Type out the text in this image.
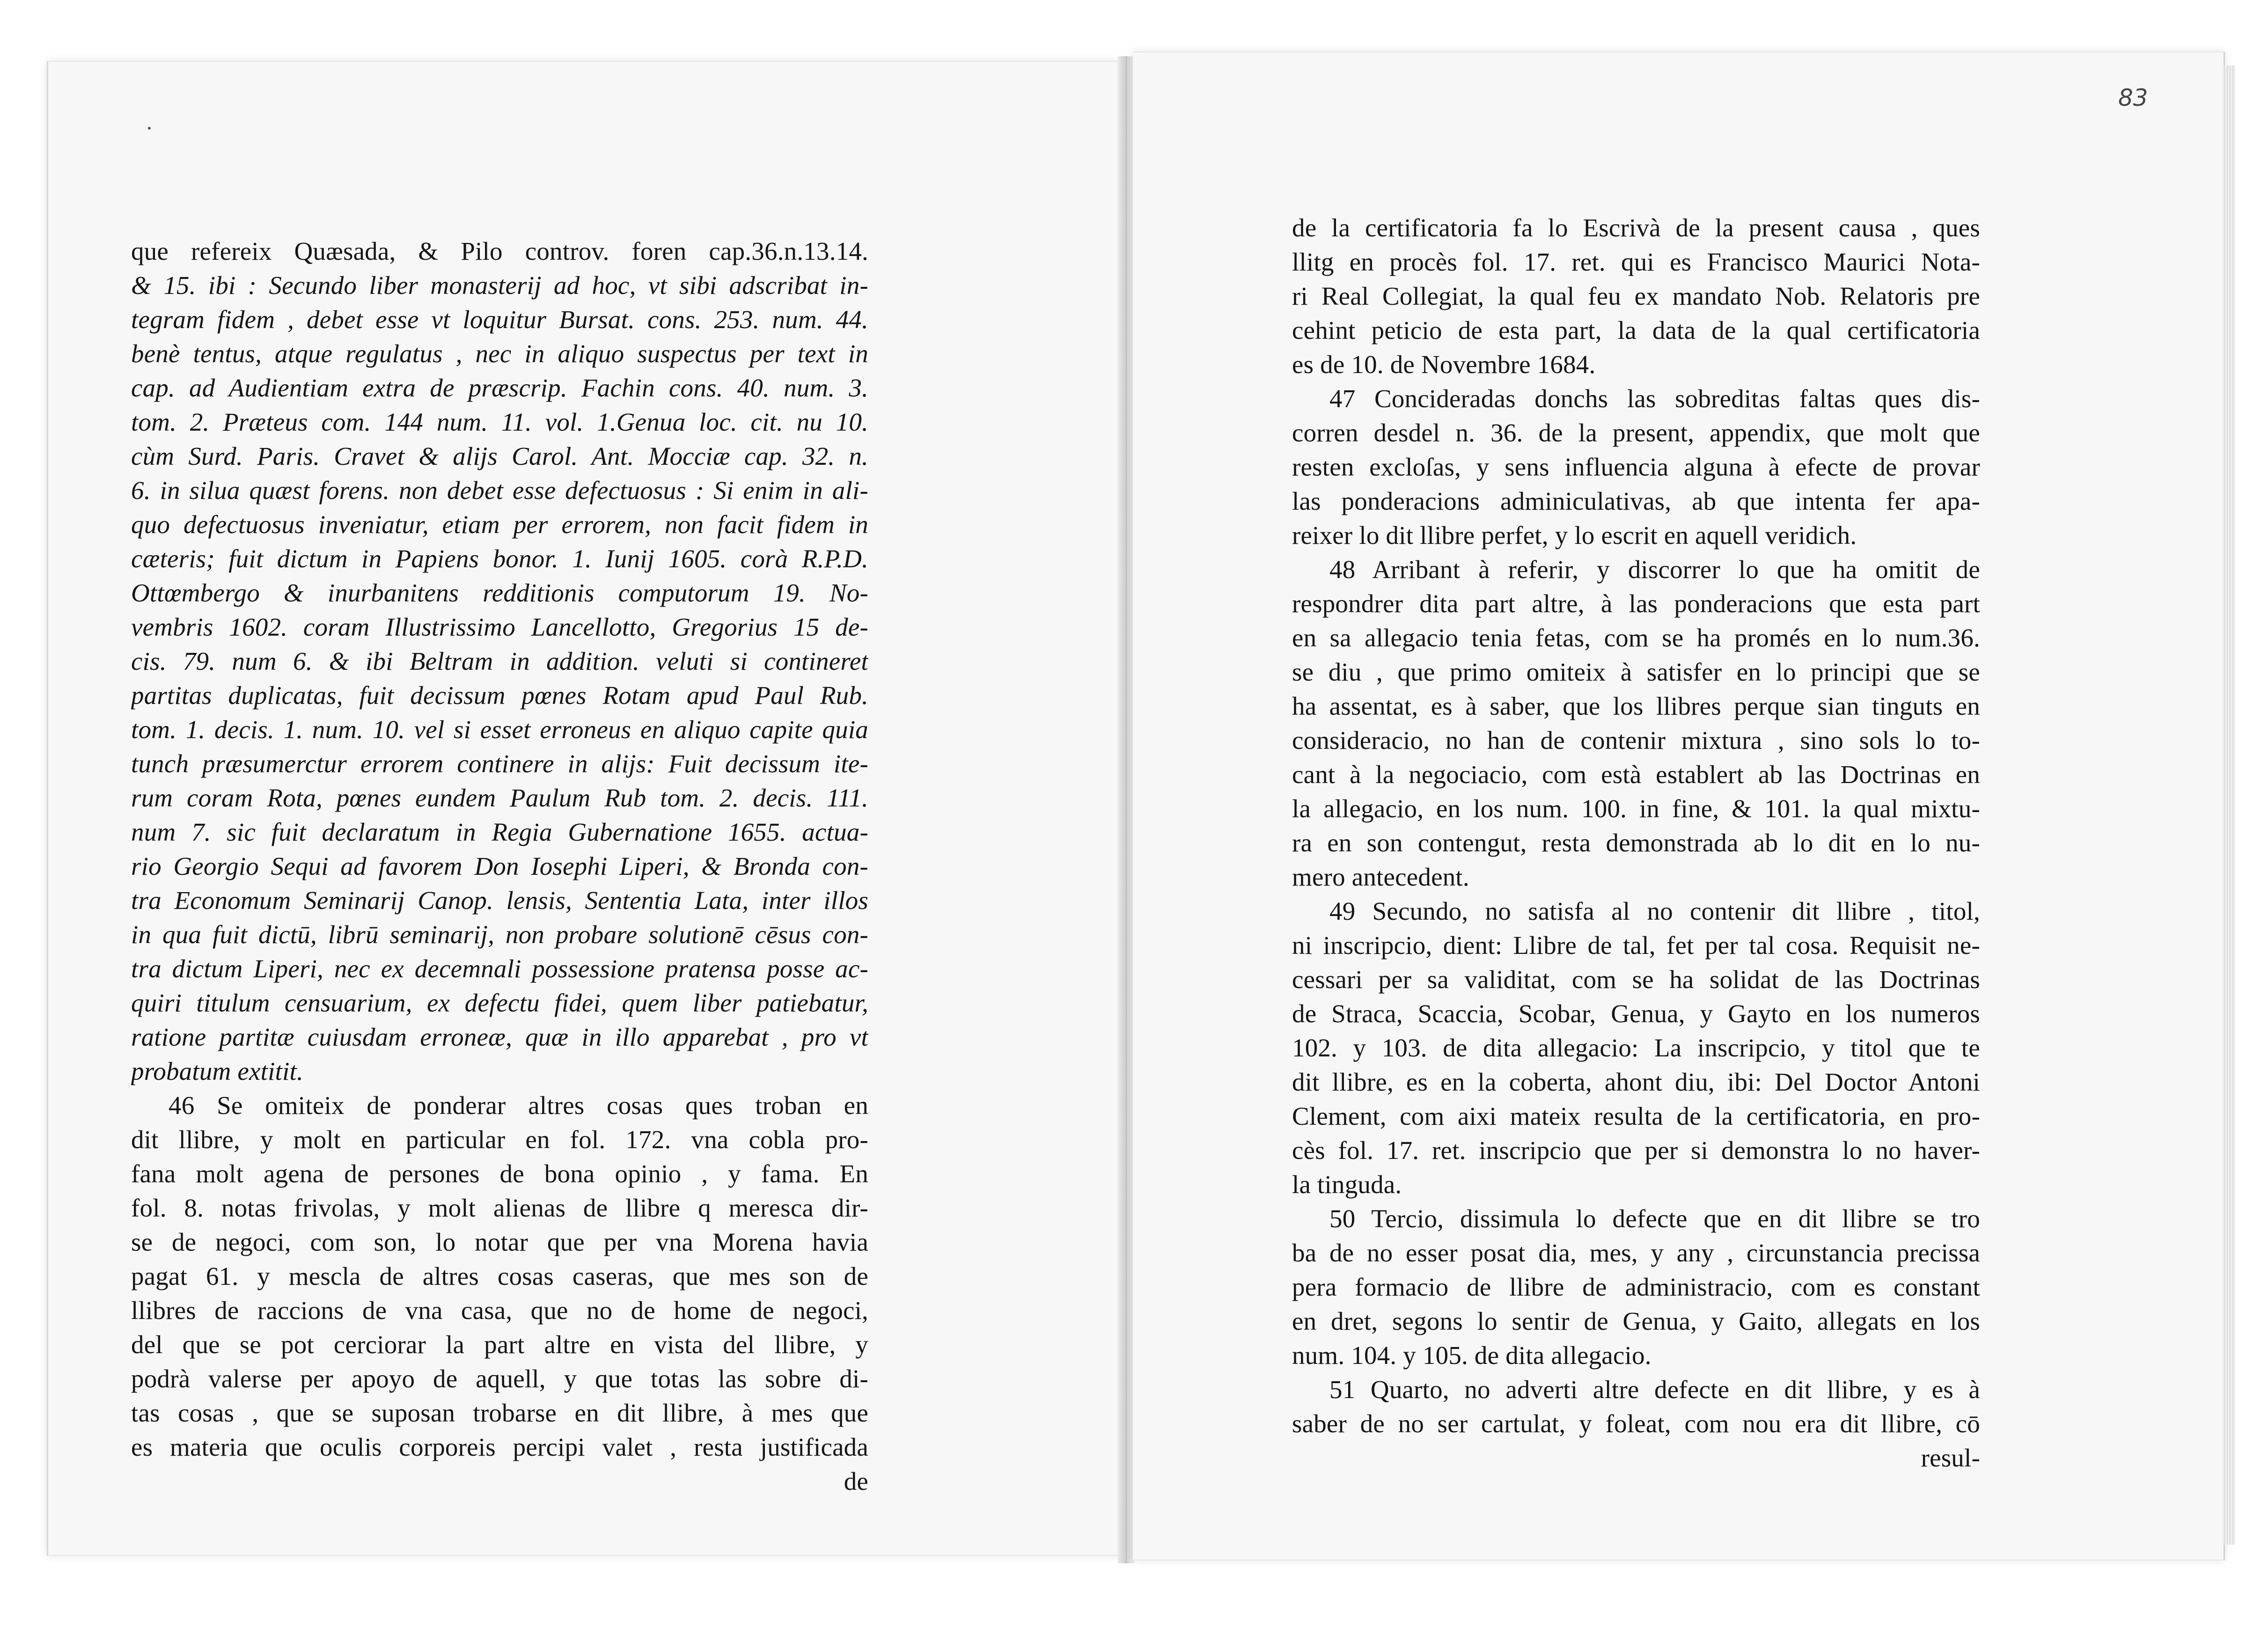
83
que refereix Quæsada, & Pilo controv. foren cap.36.n.13.14.
& 15. ibi : Secundo liber monasterij ad hoc, vt sibi adscribat in-
tegram fidem , debet esse vt loquitur Bursat. cons. 253. num. 44.
benè tentus, atque regulatus , nec in aliquo suspectus per text in
cap. ad Audientiam extra de præscrip. Fachin cons. 40. num. 3.
tom. 2. Præteus com. 144 num. 11. vol. 1.Genua loc. cit. nu 10.
cùm Surd. Paris. Cravet & alijs Carol. Ant. Mocciæ cap. 32. n.
6. in silua quæst forens. non debet esse defectuosus : Si enim in ali-
quo defectuosus inveniatur, etiam per errorem, non facit fidem in
cæteris; fuit dictum in Papiens bonor. 1. Iunij 1605. corà R.P.D.
Ottœmbergo & inurbanitens redditionis computorum 19. No-
vembris 1602. coram Illustrissimo Lancellotto, Gregorius 15 de-
cis. 79. num 6. & ibi Beltram in addition. veluti si contineret
partitas duplicatas, fuit decissum pœnes Rotam apud Paul Rub.
tom. 1. decis. 1. num. 10. vel si esset erroneus en aliquo capite quia
tunch præsumerctur errorem continere in alijs: Fuit decissum ite-
rum coram Rota, pœnes eundem Paulum Rub tom. 2. decis. 111.
num 7. sic fuit declaratum in Regia Gubernatione 1655. actua-
rio Georgio Sequi ad favorem Don Iosephi Liperi, & Bronda con-
tra Economum Seminarij Canop. lensis, Sententia Lata, inter illos
in qua fuit dictū, librū seminarij, non probare solutionē cēsus con-
tra dictum Liperi, nec ex decemnali possessione pratensa posse ac-
quiri titulum censuarium, ex defectu fidei, quem liber patiebatur,
ratione partitæ cuiusdam erroneæ, quæ in illo apparebat , pro vt
probatum extitit.
46 Se omiteix de ponderar altres cosas ques troban en
dit llibre, y molt en particular en fol. 172. vna cobla pro-
fana molt agena de persones de bona opinio , y fama. En
fol. 8. notas frivolas, y molt alienas de llibre q meresca dir-
se de negoci, com son, lo notar que per vna Morena havia
pagat 61. y mescla de altres cosas caseras, que mes son de
llibres de raccions de vna casa, que no de home de negoci,
del que se pot cerciorar la part altre en vista del llibre, y
podrà valerse per apoyo de aquell, y que totas las sobre di-
tas cosas , que se suposan trobarse en dit llibre, à mes que
es materia que oculis corporeis percipi valet , resta justificada
de
de la certificatoria fa lo Escrivà de la present causa , ques
llitg en procès fol. 17. ret. qui es Francisco Maurici Nota-
ri Real Collegiat, la qual feu ex mandato Nob. Relatoris pre
cehint peticio de esta part, la data de la qual certificatoria
es de 10. de Novembre 1684.
47 Concideradas donchs las sobreditas faltas ques dis-
corren desdel n. 36. de la present, appendix, que molt que
resten excloſas, y sens influencia alguna à efecte de provar
las ponderacions adminiculativas, ab que intenta fer apa-
reixer lo dit llibre perfet, y lo escrit en aquell veridich.
48 Arribant à referir, y discorrer lo que ha omitit de
respondrer dita part altre, à las ponderacions que esta part
en sa allegacio tenia fetas, com se ha promés en lo num.36.
se diu , que primo omiteix à satisfer en lo principi que se
ha assentat, es à saber, que los llibres perque sian tinguts en
consideracio, no han de contenir mixtura , sino sols lo to-
cant à la negociacio, com està establert ab las Doctrinas en
la allegacio, en los num. 100. in fine, & 101. la qual mixtu-
ra en son contengut, resta demonstrada ab lo dit en lo nu-
mero antecedent.
49 Secundo, no satisfa al no contenir dit llibre , titol,
ni inscripcio, dient: Llibre de tal, fet per tal cosa. Requisit ne-
cessari per sa validitat, com se ha solidat de las Doctrinas
de Straca, Scaccia, Scobar, Genua, y Gayto en los numeros
102. y 103. de dita allegacio: La inscripcio, y titol que te
dit llibre, es en la coberta, ahont diu, ibi: Del Doctor Antoni
Clement, com aixi mateix resulta de la certificatoria, en pro-
cès fol. 17. ret. inscripcio que per si demonstra lo no haver-
la tinguda.
50 Tercio, dissimula lo defecte que en dit llibre se tro
ba de no esser posat dia, mes, y any , circunstancia precissa
pera formacio de llibre de administracio, com es constant
en dret, segons lo sentir de Genua, y Gaito, allegats en los
num. 104. y 105. de dita allegacio.
51 Quarto, no adverti altre defecte en dit llibre, y es à
saber de no ser cartulat, y foleat, com nou era dit llibre, cō
resul-
